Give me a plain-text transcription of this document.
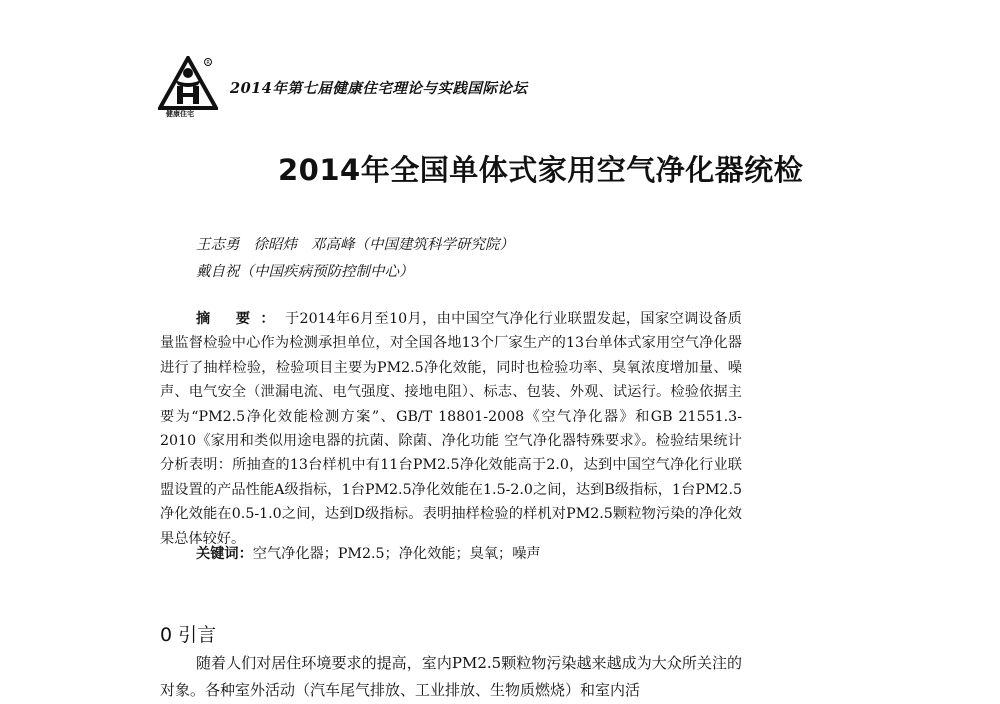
R
健康住宅
2014年第七届健康住宅理论与实践国际论坛
2014年全国单体式家用空气净化器统检
王志勇 徐昭炜 邓高峰（中国建筑科学研究院）
戴自祝（中国疾病预防控制中心）
摘 要：于2014年6月至10月，由中国空气净化行业联盟发起，国家空调设备质量监督检验中心作为检测承担单位，对全国各地13个厂家生产的13台单体式家用空气净化器进行了抽样检验，检验项目主要为PM2.5净化效能，同时也检验功率、臭氧浓度增加量、噪声、电气安全（泄漏电流、电气强度、接地电阻）、标志、包装、外观、试运行。检验依据主要为“PM2.5净化效能检测方案”、GB/T 18801-2008《空气净化器》和GB 21551.3-2010《家用和类似用途电器的抗菌、除菌、净化功能 空气净化器特殊要求》。检验结果统计分析表明：所抽查的13台样机中有11台PM2.5净化效能高于2.0，达到中国空气净化行业联盟设置的产品性能A级指标，1台PM2.5净化效能在1.5-2.0之间，达到B级指标，1台PM2.5净化效能在0.5-1.0之间，达到D级指标。表明抽样检验的样机对PM2.5颗粒物污染的净化效果总体较好。
关键词：空气净化器；PM2.5；净化效能；臭氧；噪声
0 引言
随着人们对居住环境要求的提高，室内PM2.5颗粒物污染越来越成为大众所关注的对象。各种室外活动（汽车尾气排放、工业排放、生物质燃烧）和室内活
